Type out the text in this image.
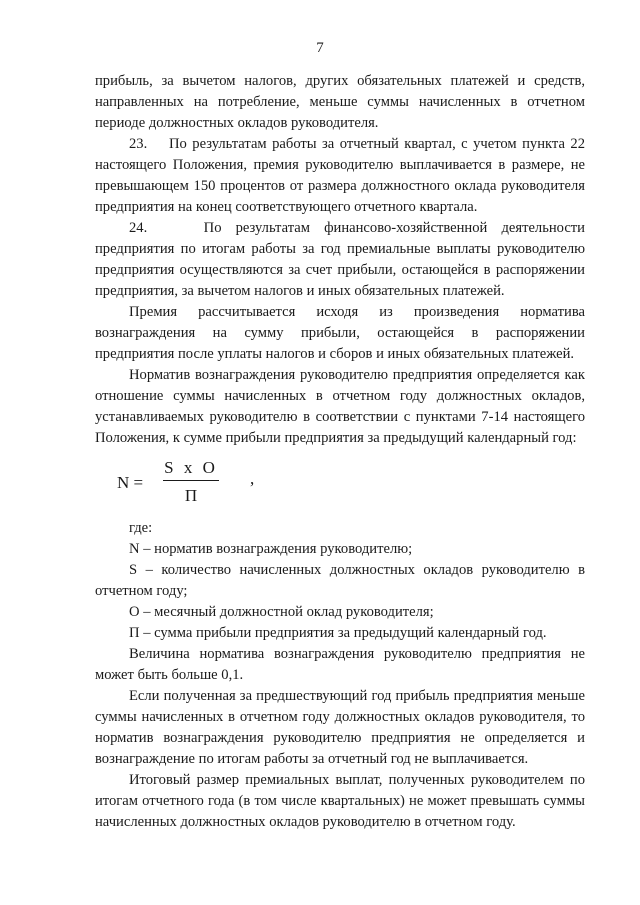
7

прибыль, за вычетом налогов, других обязательных платежей и средств, направленных на потребление, меньше суммы начисленных в отчетном периоде должностных окладов руководителя.

23.    По результатам работы за отчетный квартал, с учетом пункта 22 настоящего Положения, премия руководителю выплачивается в размере, не превышающем 150 процентов от размера должностного оклада руководителя предприятия на конец соответствующего отчетного квартала.

24.    По результатам финансово-хозяйственной деятельности предприятия по итогам работы за год премиальные выплаты руководителю предприятия осуществляются за счет прибыли, остающейся в распоряжении предприятия, за вычетом налогов и иных обязательных платежей.

Премия рассчитывается исходя из произведения норматива вознаграждения на сумму прибыли, остающейся в распоряжении предприятия после уплаты налогов и сборов и иных обязательных платежей.

Норматив вознаграждения руководителю предприятия определяется как отношение суммы начисленных в отчетном году должностных окладов, устанавливаемых руководителю в соответствии с пунктами 7-14 настоящего Положения, к сумме прибыли предприятия за предыдущий календарный год:

N =
S x O
П
,

где:

N – норматив вознаграждения руководителю;

S – количество начисленных должностных окладов руководителю в отчетном году;

О – месячный должностной оклад руководителя;

П – сумма прибыли предприятия за предыдущий календарный год.

Величина норматива вознаграждения руководителю предприятия не может быть больше 0,1.

Если полученная за предшествующий год прибыль предприятия меньше суммы начисленных в отчетном году должностных окладов руководителя, то норматив вознаграждения руководителю предприятия не определяется и вознаграждение по итогам работы за отчетный год не выплачивается.

Итоговый размер премиальных выплат, полученных руководителем по итогам отчетного года (в том числе квартальных) не может превышать суммы начисленных должностных окладов руководителю в отчетном году.
